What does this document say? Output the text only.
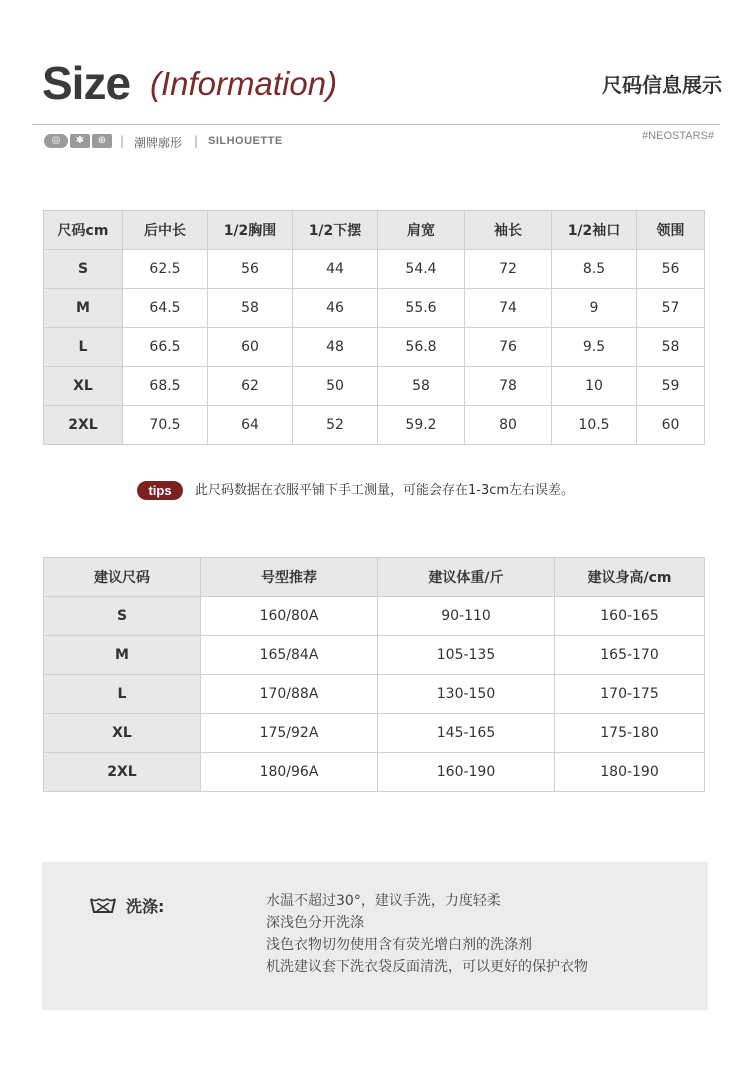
Size (Information)	尺码信息展示
◎	✱	⊕	| 潮牌廓形 | SILHOUETTE	#NEOSTARS#
尺码cm	后中长	1/2胸围	1/2下摆	肩宽	袖长	1/2袖口	领围
S	62.5	56	44	54.4	72	8.5	56
M	64.5	58	46	55.6	74	9	57
L	66.5	60	48	56.8	76	9.5	58
XL	68.5	62	50	58	78	10	59
2XL	70.5	64	52	59.2	80	10.5	60
tips	此尺码数据在衣服平铺下手工测量，可能会存在1-3cm左右误差。
建议尺码	号型推荐	建议体重/斤	建议身高/cm
S	160/80A	90-110	160-165
M	165/84A	105-135	165-170
L	170/88A	130-150	170-175
XL	175/92A	145-165	175-180
2XL	180/96A	160-190	180-190
洗涤:	水温不超过30°，建议手洗，力度轻柔
深浅色分开洗涤
浅色衣物切勿使用含有荧光增白剂的洗涤剂
机洗建议套下洗衣袋反面清洗，可以更好的保护衣物
